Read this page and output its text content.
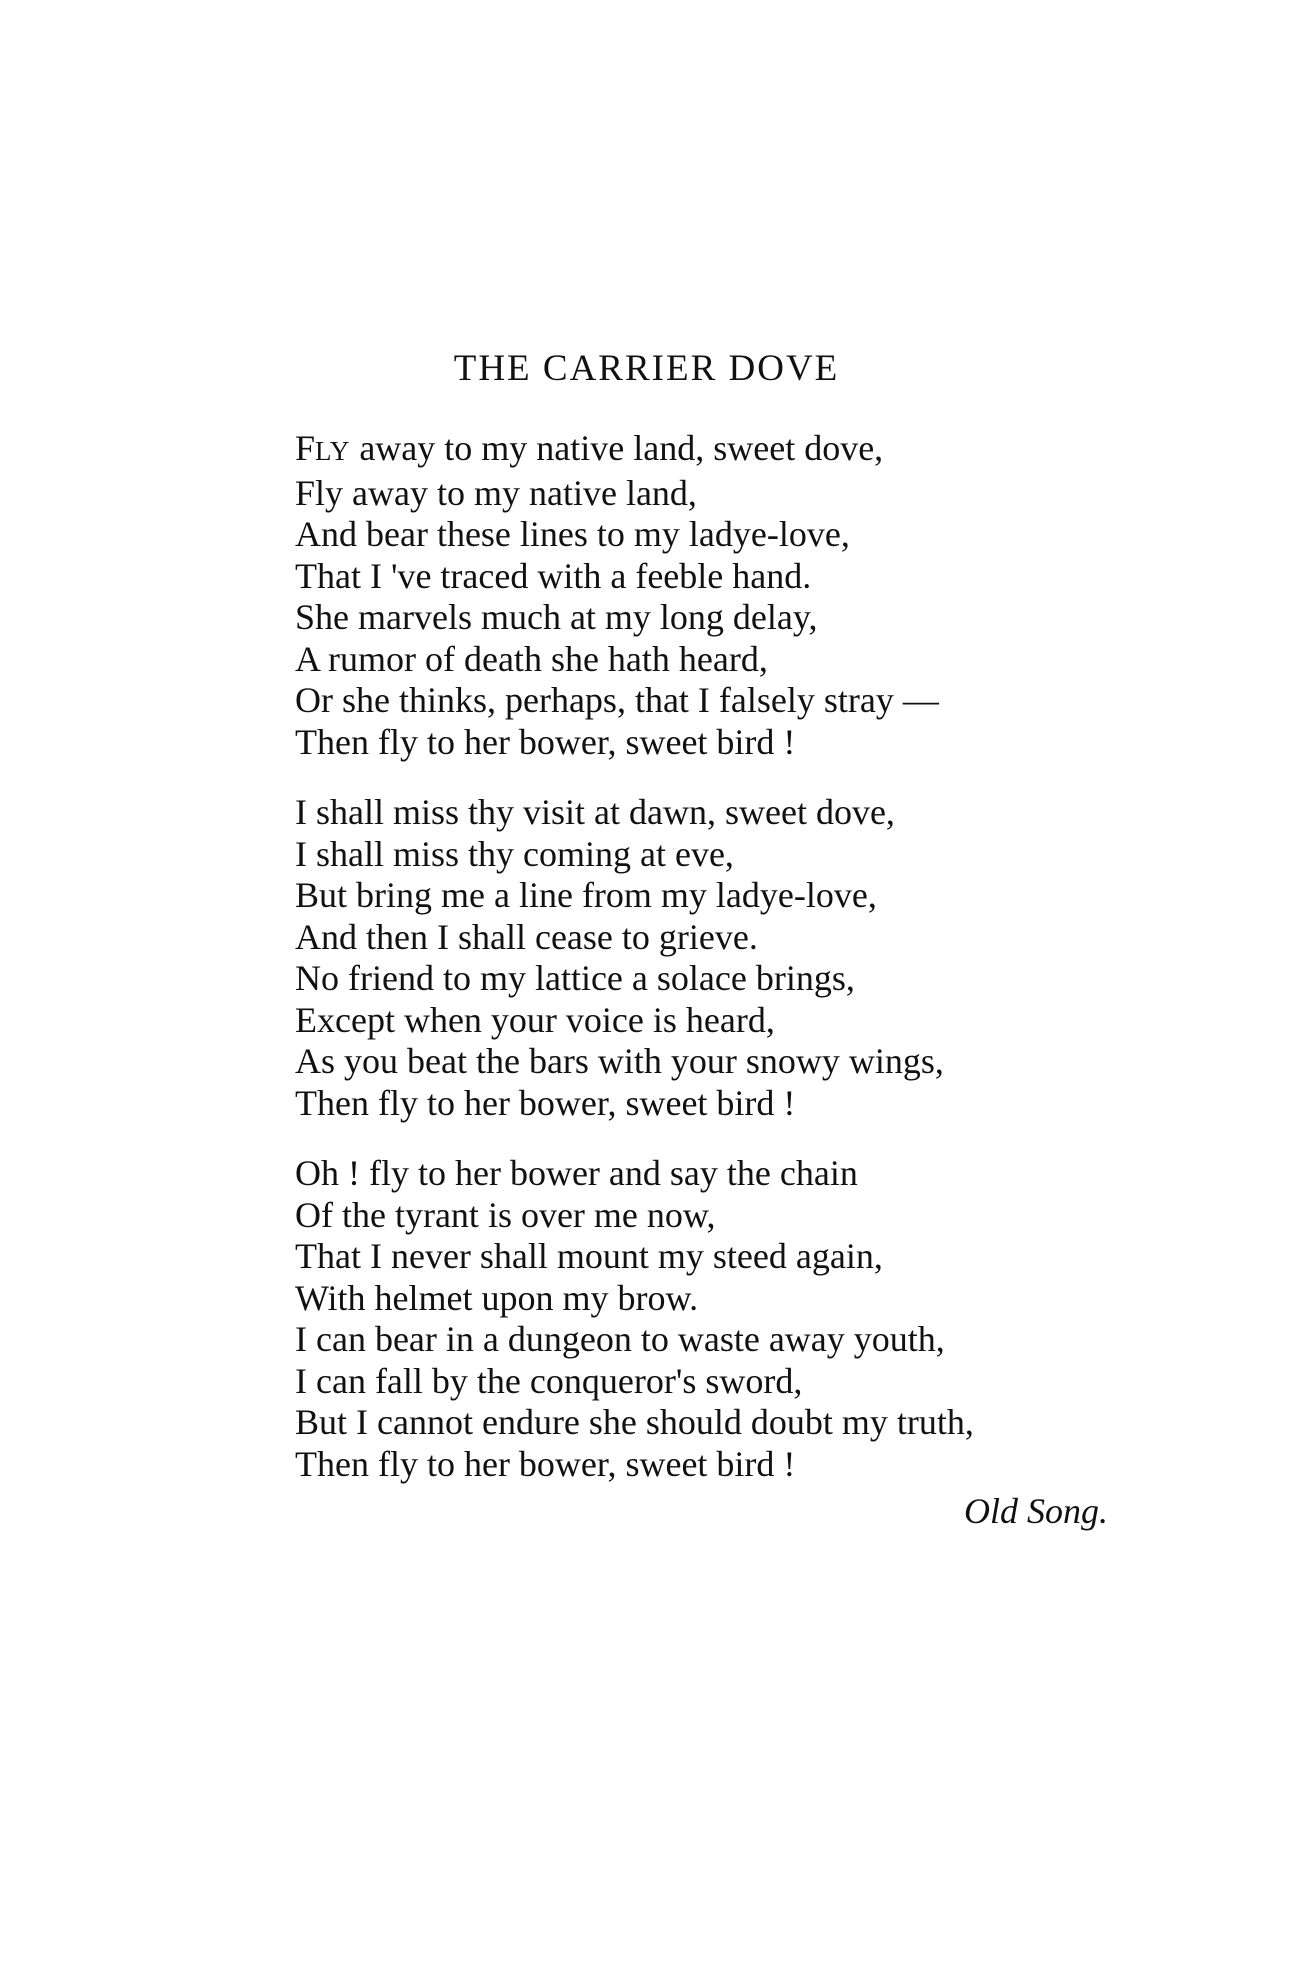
THE CARRIER DOVE
FLY away to my native land, sweet dove,
Fly away to my native land,
And bear these lines to my ladye-love,
That I 've traced with a feeble hand.
She marvels much at my long delay,
A rumor of death she hath heard,
Or she thinks, perhaps, that I falsely stray —
Then fly to her bower, sweet bird !
I shall miss thy visit at dawn, sweet dove,
I shall miss thy coming at eve,
But bring me a line from my ladye-love,
And then I shall cease to grieve.
No friend to my lattice a solace brings,
Except when your voice is heard,
As you beat the bars with your snowy wings,
Then fly to her bower, sweet bird !
Oh ! fly to her bower and say the chain
Of the tyrant is over me now,
That I never shall mount my steed again,
With helmet upon my brow.
I can bear in a dungeon to waste away youth,
I can fall by the conqueror's sword,
But I cannot endure she should doubt my truth,
Then fly to her bower, sweet bird !

Old Song.
